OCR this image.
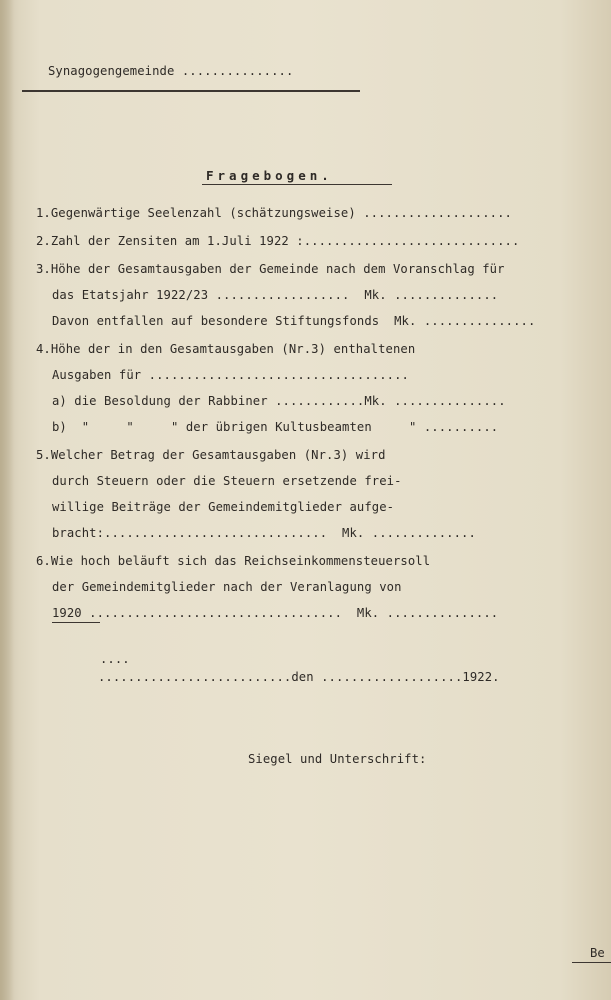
Synagogengemeinde ...............
Fragebogen.
1.Gegenwärtige Seelenzahl (schätzungsweise) ....................
2.Zahl der Zensiten am 1.Juli 1922 :.............................
3.Höhe der Gesamtausgaben der Gemeinde nach dem Voranschlag für
das Etatsjahr 1922/23 ..................  Mk. ..............
Davon entfallen auf besondere Stiftungsfonds  Mk. ...............
4.Höhe der in den Gesamtausgaben (Nr.3) enthaltenen
Ausgaben für ...................................
a) die Besoldung der Rabbiner ............Mk. ...............
b)  "     "     " der übrigen Kultusbeamten     " ..........
5.Welcher Betrag der Gesamtausgaben (Nr.3) wird
durch Steuern oder die Steuern ersetzende frei-
willige Beiträge der Gemeindemitglieder aufge-
bracht:..............................  Mk. ..............
6.Wie hoch beläuft sich das Reichseinkommensteuersoll
der Gemeindemitglieder nach der Veranlagung von
1920 ..................................  Mk. ...............
....
..........................den ...................1922.
Siegel und Unterschrift:
Be
